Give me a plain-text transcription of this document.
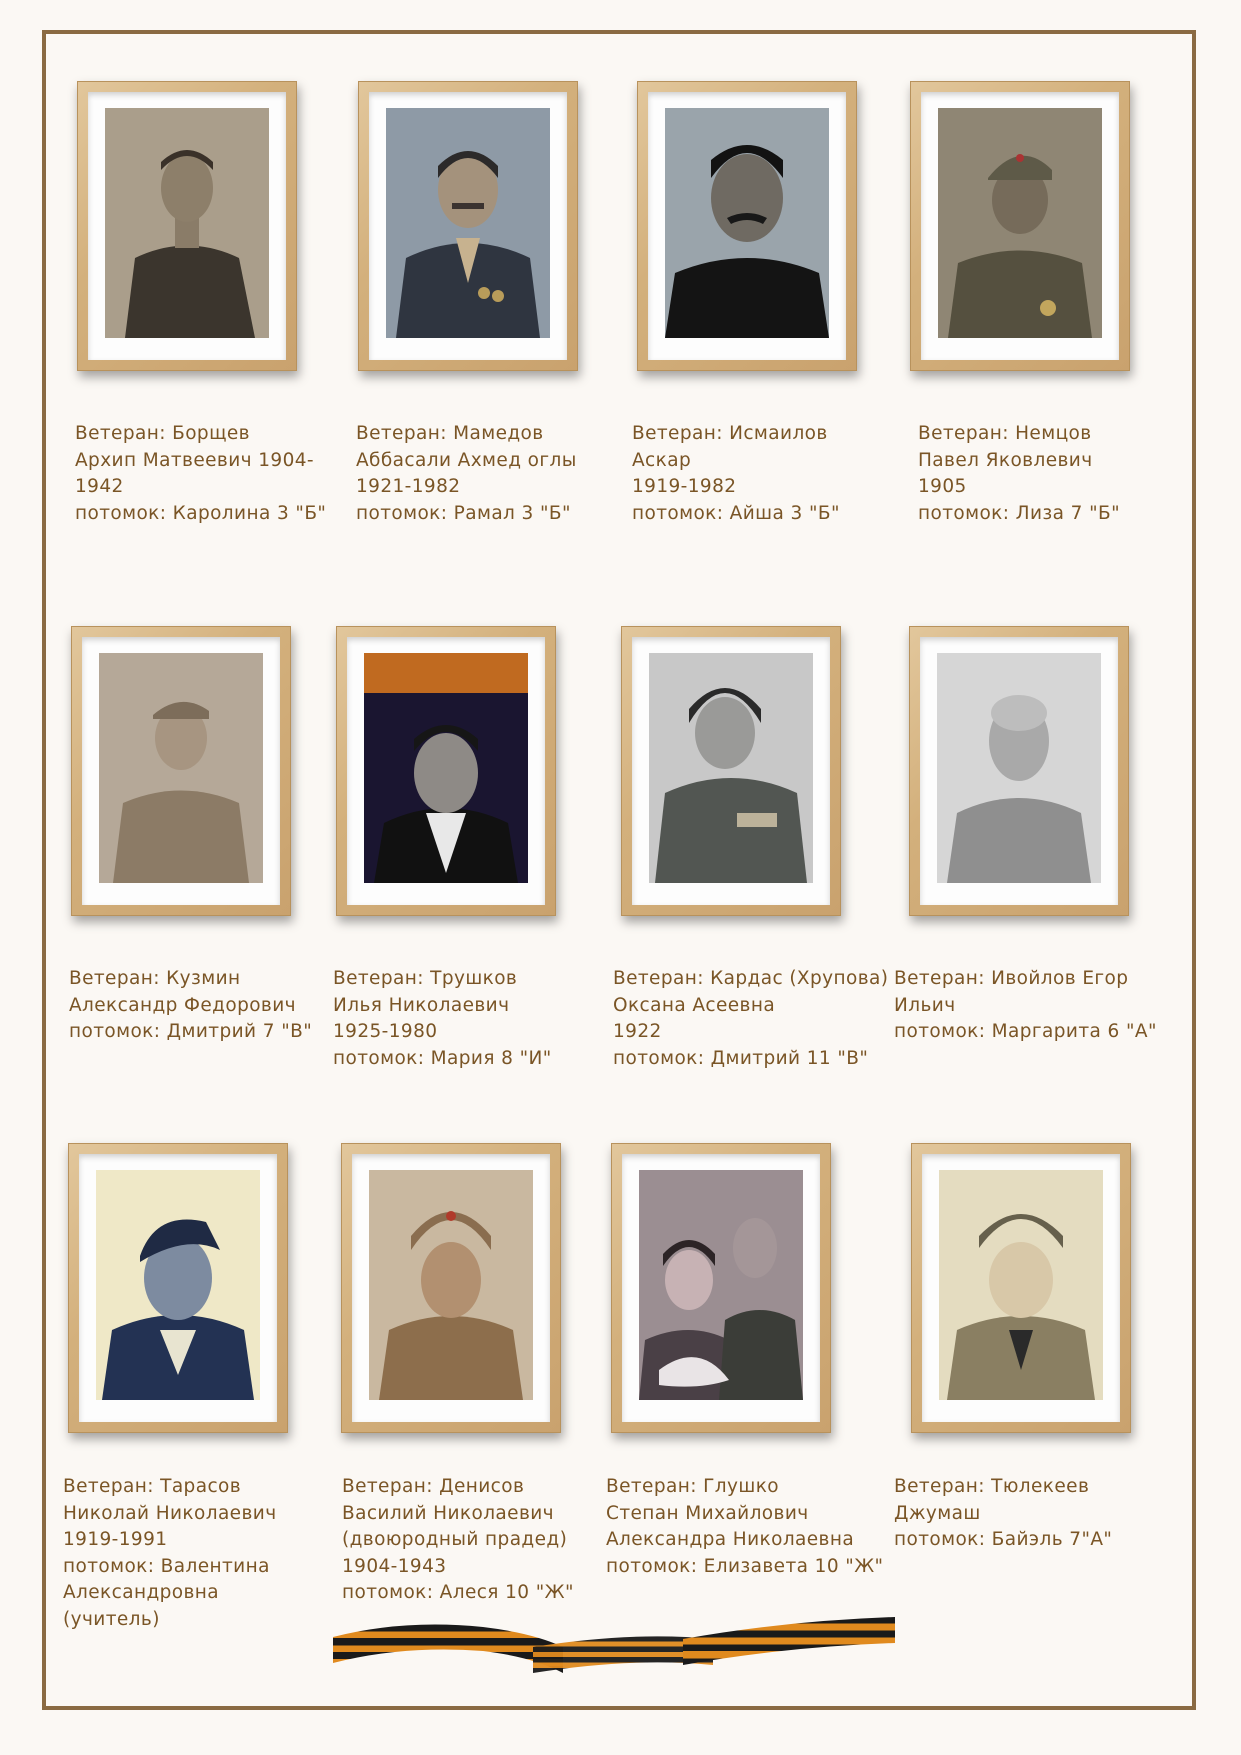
Ветеран: Борщев
Архип Матвеевич 1904-
1942
потомок: Каролина 3 "Б"
Ветеран: Мамедов
Аббасали Ахмед оглы
1921-1982
потомок: Рамал 3 "Б"
Ветеран: Исмаилов
Аскар
1919-1982
потомок: Айша 3 "Б"
Ветеран: Немцов
Павел Яковлевич
1905
потомок: Лиза 7 "Б"
Ветеран: Кузмин
Александр Федорович
потомок: Дмитрий 7 "В"
Ветеран: Трушков
Илья Николаевич
1925-1980
потомок: Мария 8 "И"
Ветеран: Кардас (Хрупова)
Оксана Асеевна
1922
потомок: Дмитрий 11 "В"
Ветеран: Ивойлов Егор
Ильич
потомок: Маргарита 6 "А"
Ветеран: Тарасов
Николай Николаевич
1919-1991
потомок: Валентина
Александровна
(учитель)
Ветеран: Денисов
Василий Николаевич
(двоюродный прадед)
1904-1943
потомок: Алеся 10 "Ж"
Ветеран: Глушко
Степан Михайлович
Александра Николаевна
потомок: Елизавета 10 "Ж"
Ветеран: Тюлекеев
Джумаш
потомок: Байэль 7"А"
